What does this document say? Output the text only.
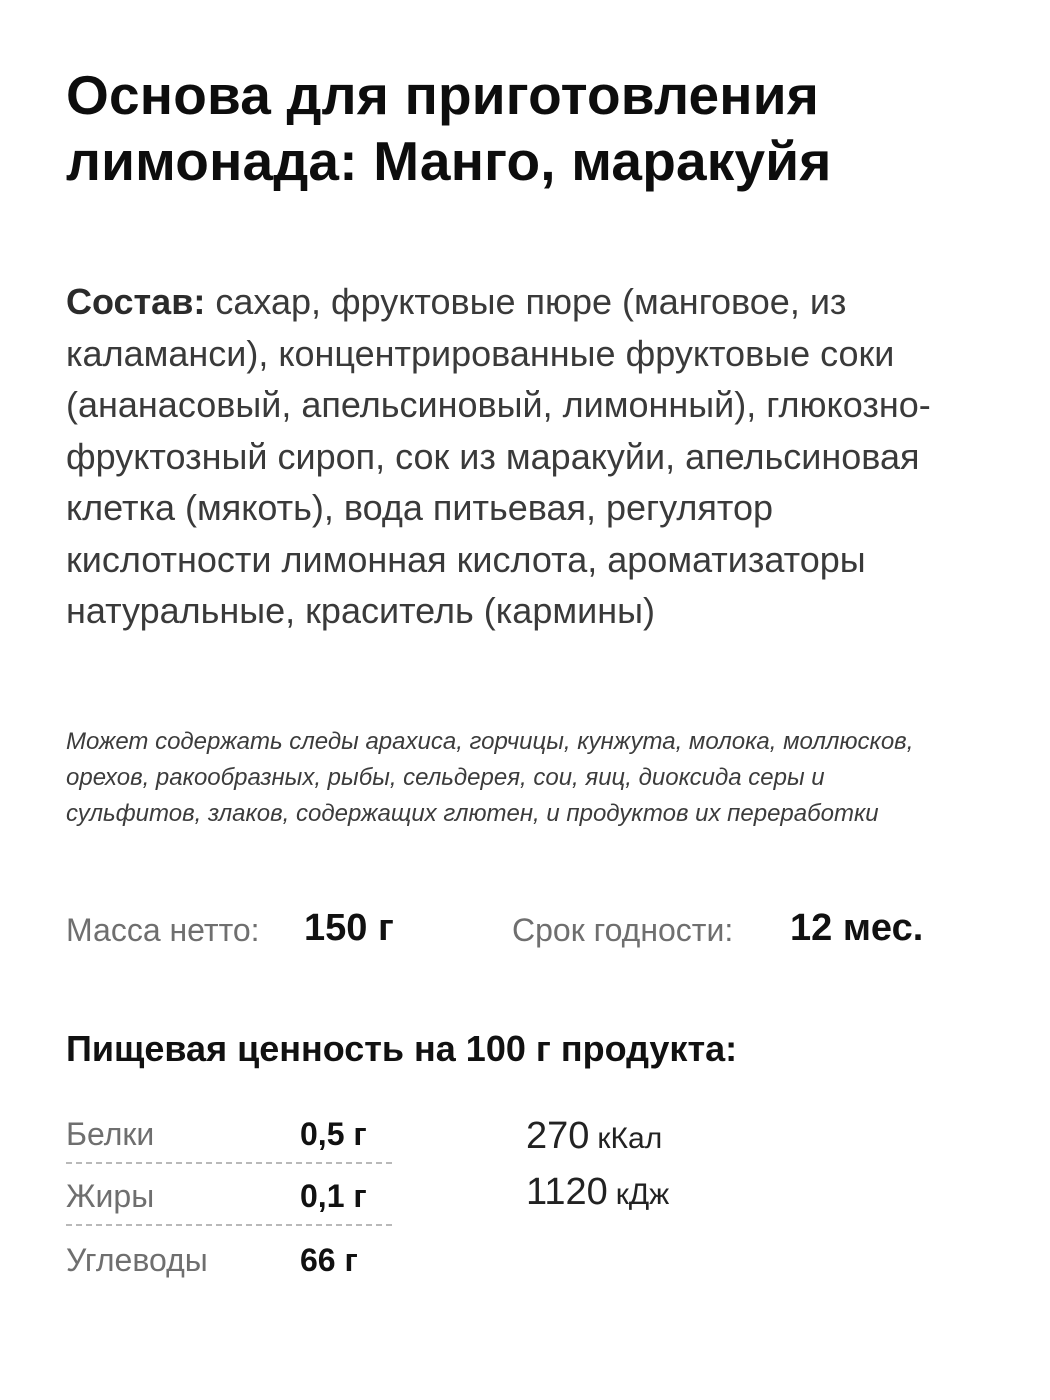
Основа для приготовления
лимонада: Манго, маракуйя

Состав: сахар, фруктовые пюре (манговое, из каламанси), концентрированные фруктовые соки (ананасовый, апельсиновый, лимонный), глюкозно-фруктозный сироп, сок из маракуйи, апельсиновая клетка (мякоть), вода питьевая, регулятор кислотности лимонная кислота, ароматизаторы натуральные, краситель (кармины)

Может содержать следы арахиса, горчицы, кунжута, молока, моллюсков, орехов, ракообразных, рыбы, сельдерея, сои, яиц, диоксида серы и сульфитов, злаков, содержащих глютен, и продуктов их переработки

Масса нетто: 150 г	Срок годности: 12 мес.
Пищевая ценность на 100 г продукта:
Белки	0,5 г
Жиры	0,1 г
Углеводы	66 г
270 кКал
1120 кДж
